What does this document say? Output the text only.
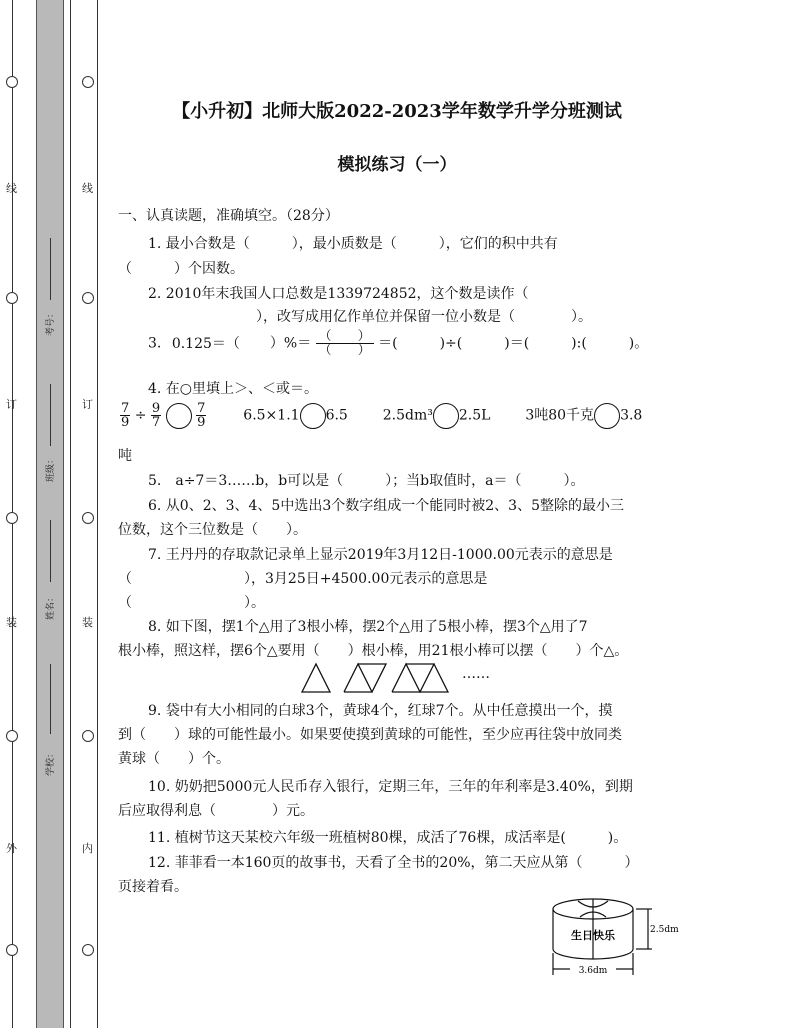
线
订
装
外
线
订
装
内
考号：
班级：
姓名：
学校：
【小升初】北师大版2022-2023学年数学升学分班测试
模拟练习（一）
一、认真读题，准确填空。（28分）
1. 最小合数是（　　　），最小质数是（　　　），它们的积中共有
（　　　）个因数。
2. 2010年末我国人口总数是1339724852，这个数是读作（
），改写成用亿作单位并保留一位小数是（　　　　）。
3. 0.125＝（ ）%＝ $\frac{( )}{( )}$ ＝(　　　)÷(　　　)＝(　　　):(　　　)。
4. 在○里填上＞、＜或＝。
$\frac{7}{9} \div \frac{9}{7}$
	$\frac{7}{9}$	6.5×1.1 6.5 2.5dm³ 2.5L 3吨80千克 3.8
吨
5.　a÷7＝3……b，b可以是（　　　）；当b取值时，a＝（　　　）。
6. 从0、2、3、4、5中选出3个数字组成一个能同时被2、3、5整除的最小三
位数，这个三位数是（　　）。
7. 王丹丹的存取款记录单上显示2019年3月12日-1000.00元表示的意思是
（　　　　　　　　），3月25日+4500.00元表示的意思是
（　　　　　　　　）。
8. 如下图，摆1个△用了3根小棒，摆2个△用了5根小棒，摆3个△用了7
根小棒，照这样，摆6个△要用（　　）根小棒，用21根小棒可以摆（　　）个△。
……
9. 袋中有大小相同的白球3个，黄球4个，红球7个。从中任意摸出一个，摸
到（　　）球的可能性最小。如果要使摸到黄球的可能性，至少应再往袋中放同类
黄球（　　）个。
10. 奶奶把5000元人民币存入银行，定期三年，三年的年利率是3.40%，到期
后应取得利息（　　　　）元。
11. 植树节这天某校六年级一班植树80棵，成活了76棵，成活率是(　　　)。
12. 菲菲看一本160页的故事书，天看了全书的20%，第二天应从第（　　　）
页接着看。
生日快乐	2.5dm
3.6dm
